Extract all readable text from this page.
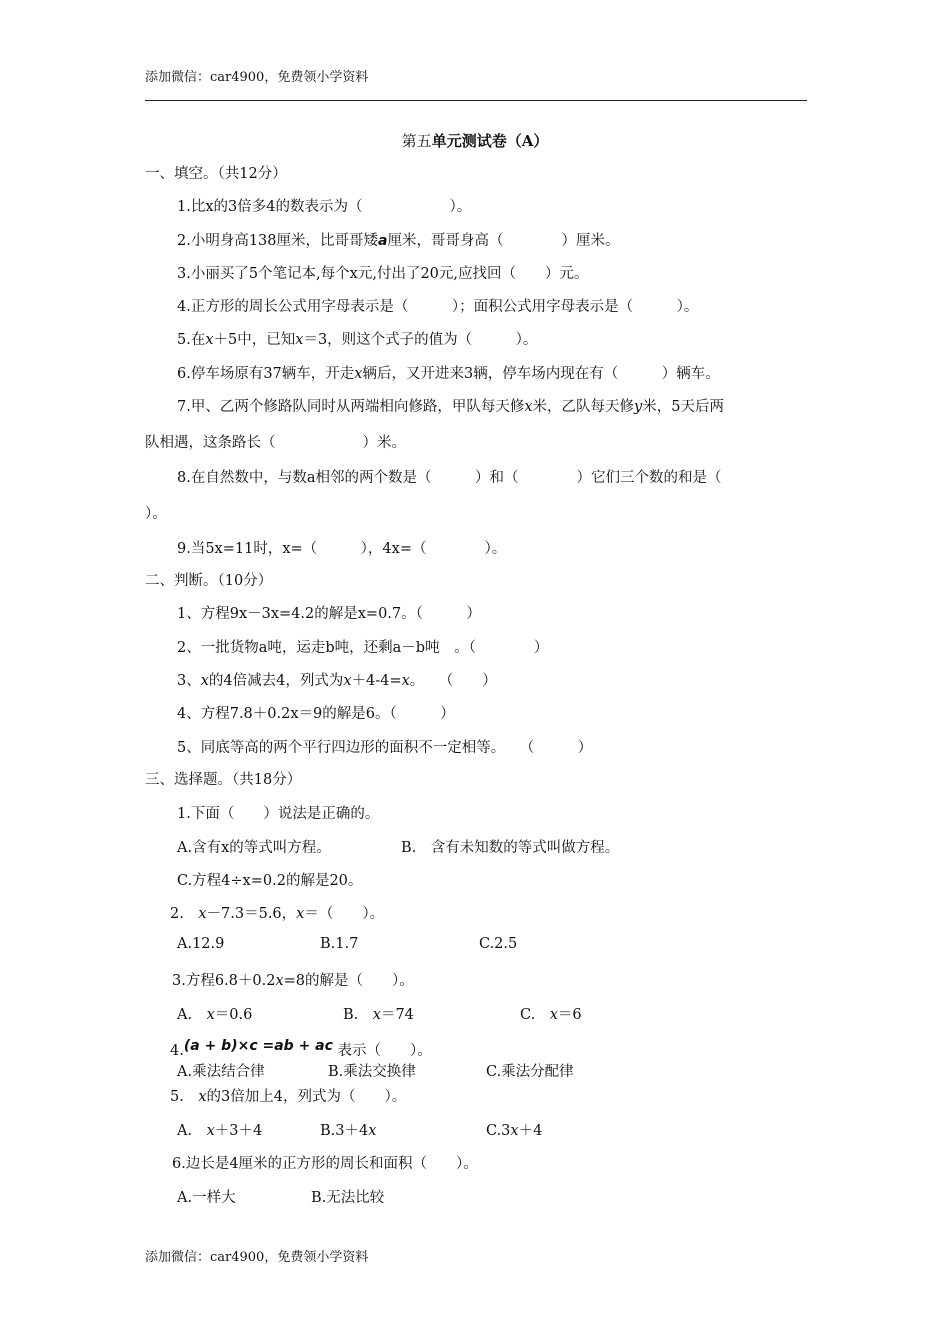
添加微信：car4900，免费领小学资料
第五单元测试卷（A）
一、填空。（共12分）
1.比x的3倍多4的数表示为（　　　　　　）。
2.小明身高138厘米，比哥哥矮a厘米，哥哥身高（　　　　）厘米。
3.小丽买了5个笔记本,每个x元,付出了20元,应找回（　　）元。
4.正方形的周长公式用字母表示是（　　　）；面积公式用字母表示是（　　　）。
5.在x＋5中，已知x＝3，则这个式子的值为（　　　）。
6.停车场原有37辆车，开走x辆后，又开进来3辆，停车场内现在有（　　　）辆车。
7.甲、乙两个修路队同时从两端相向修路，甲队每天修x米，乙队每天修y米，5天后两
队相遇，这条路长（　　　　　　）米。
8.在自然数中，与数a相邻的两个数是（　　　）和（　　　　）它们三个数的和是（
）。
9.当5x=11时，x=（　　　），4x=（　　　　）。
二、判断。（10分）
1、方程9x－3x=4.2的解是x=0.7。（　　　）
2、一批货物a吨，运走b吨，还剩a－b吨　。（　　　　）
3、x的4倍减去4，列式为x＋4-4=x。　　（　　）
4、方程7.8＋0.2x＝9的解是6。（　　　）
5、同底等高的两个平行四边形的面积不一定相等。　　（　　　）
三、选择题。（共18分）
1.下面（　　）说法是正确的。
A.含有x的等式叫方程。	B.　含有未知数的等式叫做方程。
C.方程4÷x=0.2的解是20。
2.　x－7.3＝5.6，x＝（　　）。
A.12.9	B.1.7	C.2.5
3.方程6.8＋0.2x=8的解是（　　）。
A.　x＝0.6	B.　x＝74	C.　x＝6
4.(a + b)×c =ab + ac 表示（　　）。
A.乘法结合律	B.乘法交换律	C.乘法分配律
5.　x的3倍加上4，列式为（　　）。
A.　x＋3＋4	B.3＋4x	C.3x＋4
6.边长是4厘米的正方形的周长和面积（　　）。
A.一样大	B.无法比较
添加微信：car4900，免费领小学资料
